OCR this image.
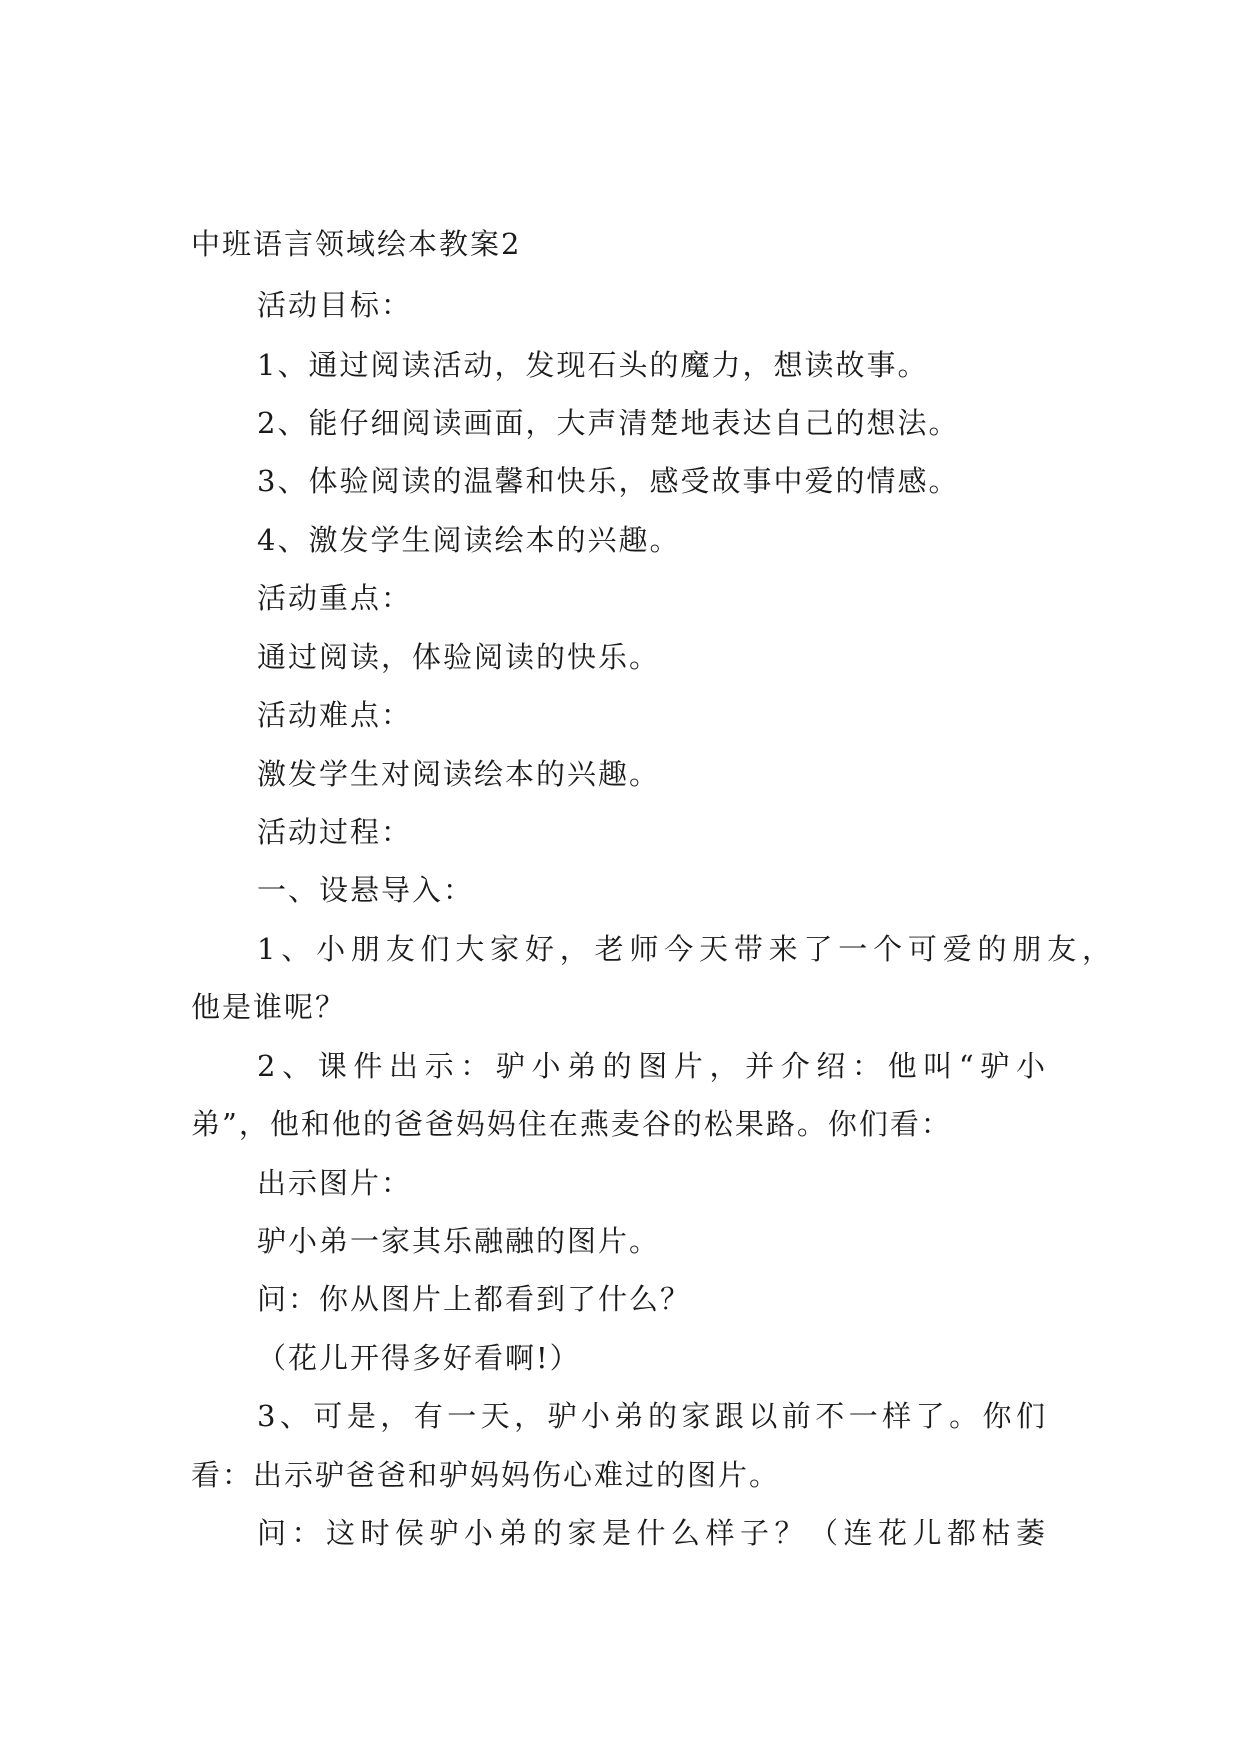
中班语言领域绘本教案2
活动目标：
1、通过阅读活动，发现石头的魔力，想读故事。
2、能仔细阅读画面，大声清楚地表达自己的想法。
3、体验阅读的温馨和快乐，感受故事中爱的情感。
4、激发学生阅读绘本的兴趣。
活动重点：
通过阅读，体验阅读的快乐。
活动难点：
激发学生对阅读绘本的兴趣。
活动过程：
一、设悬导入：
1、小朋友们大家好，老师今天带来了一个可爱的朋友，
他是谁呢？
2、课件出示：驴小弟的图片，并介绍：他叫“驴小
弟”，他和他的爸爸妈妈住在燕麦谷的松果路。你们看：
出示图片：
驴小弟一家其乐融融的图片。
问：你从图片上都看到了什么？
（花儿开得多好看啊!）
3、可是，有一天，驴小弟的家跟以前不一样了。你们
看：出示驴爸爸和驴妈妈伤心难过的图片。
问：这时侯驴小弟的家是什么样子？（连花儿都枯萎
